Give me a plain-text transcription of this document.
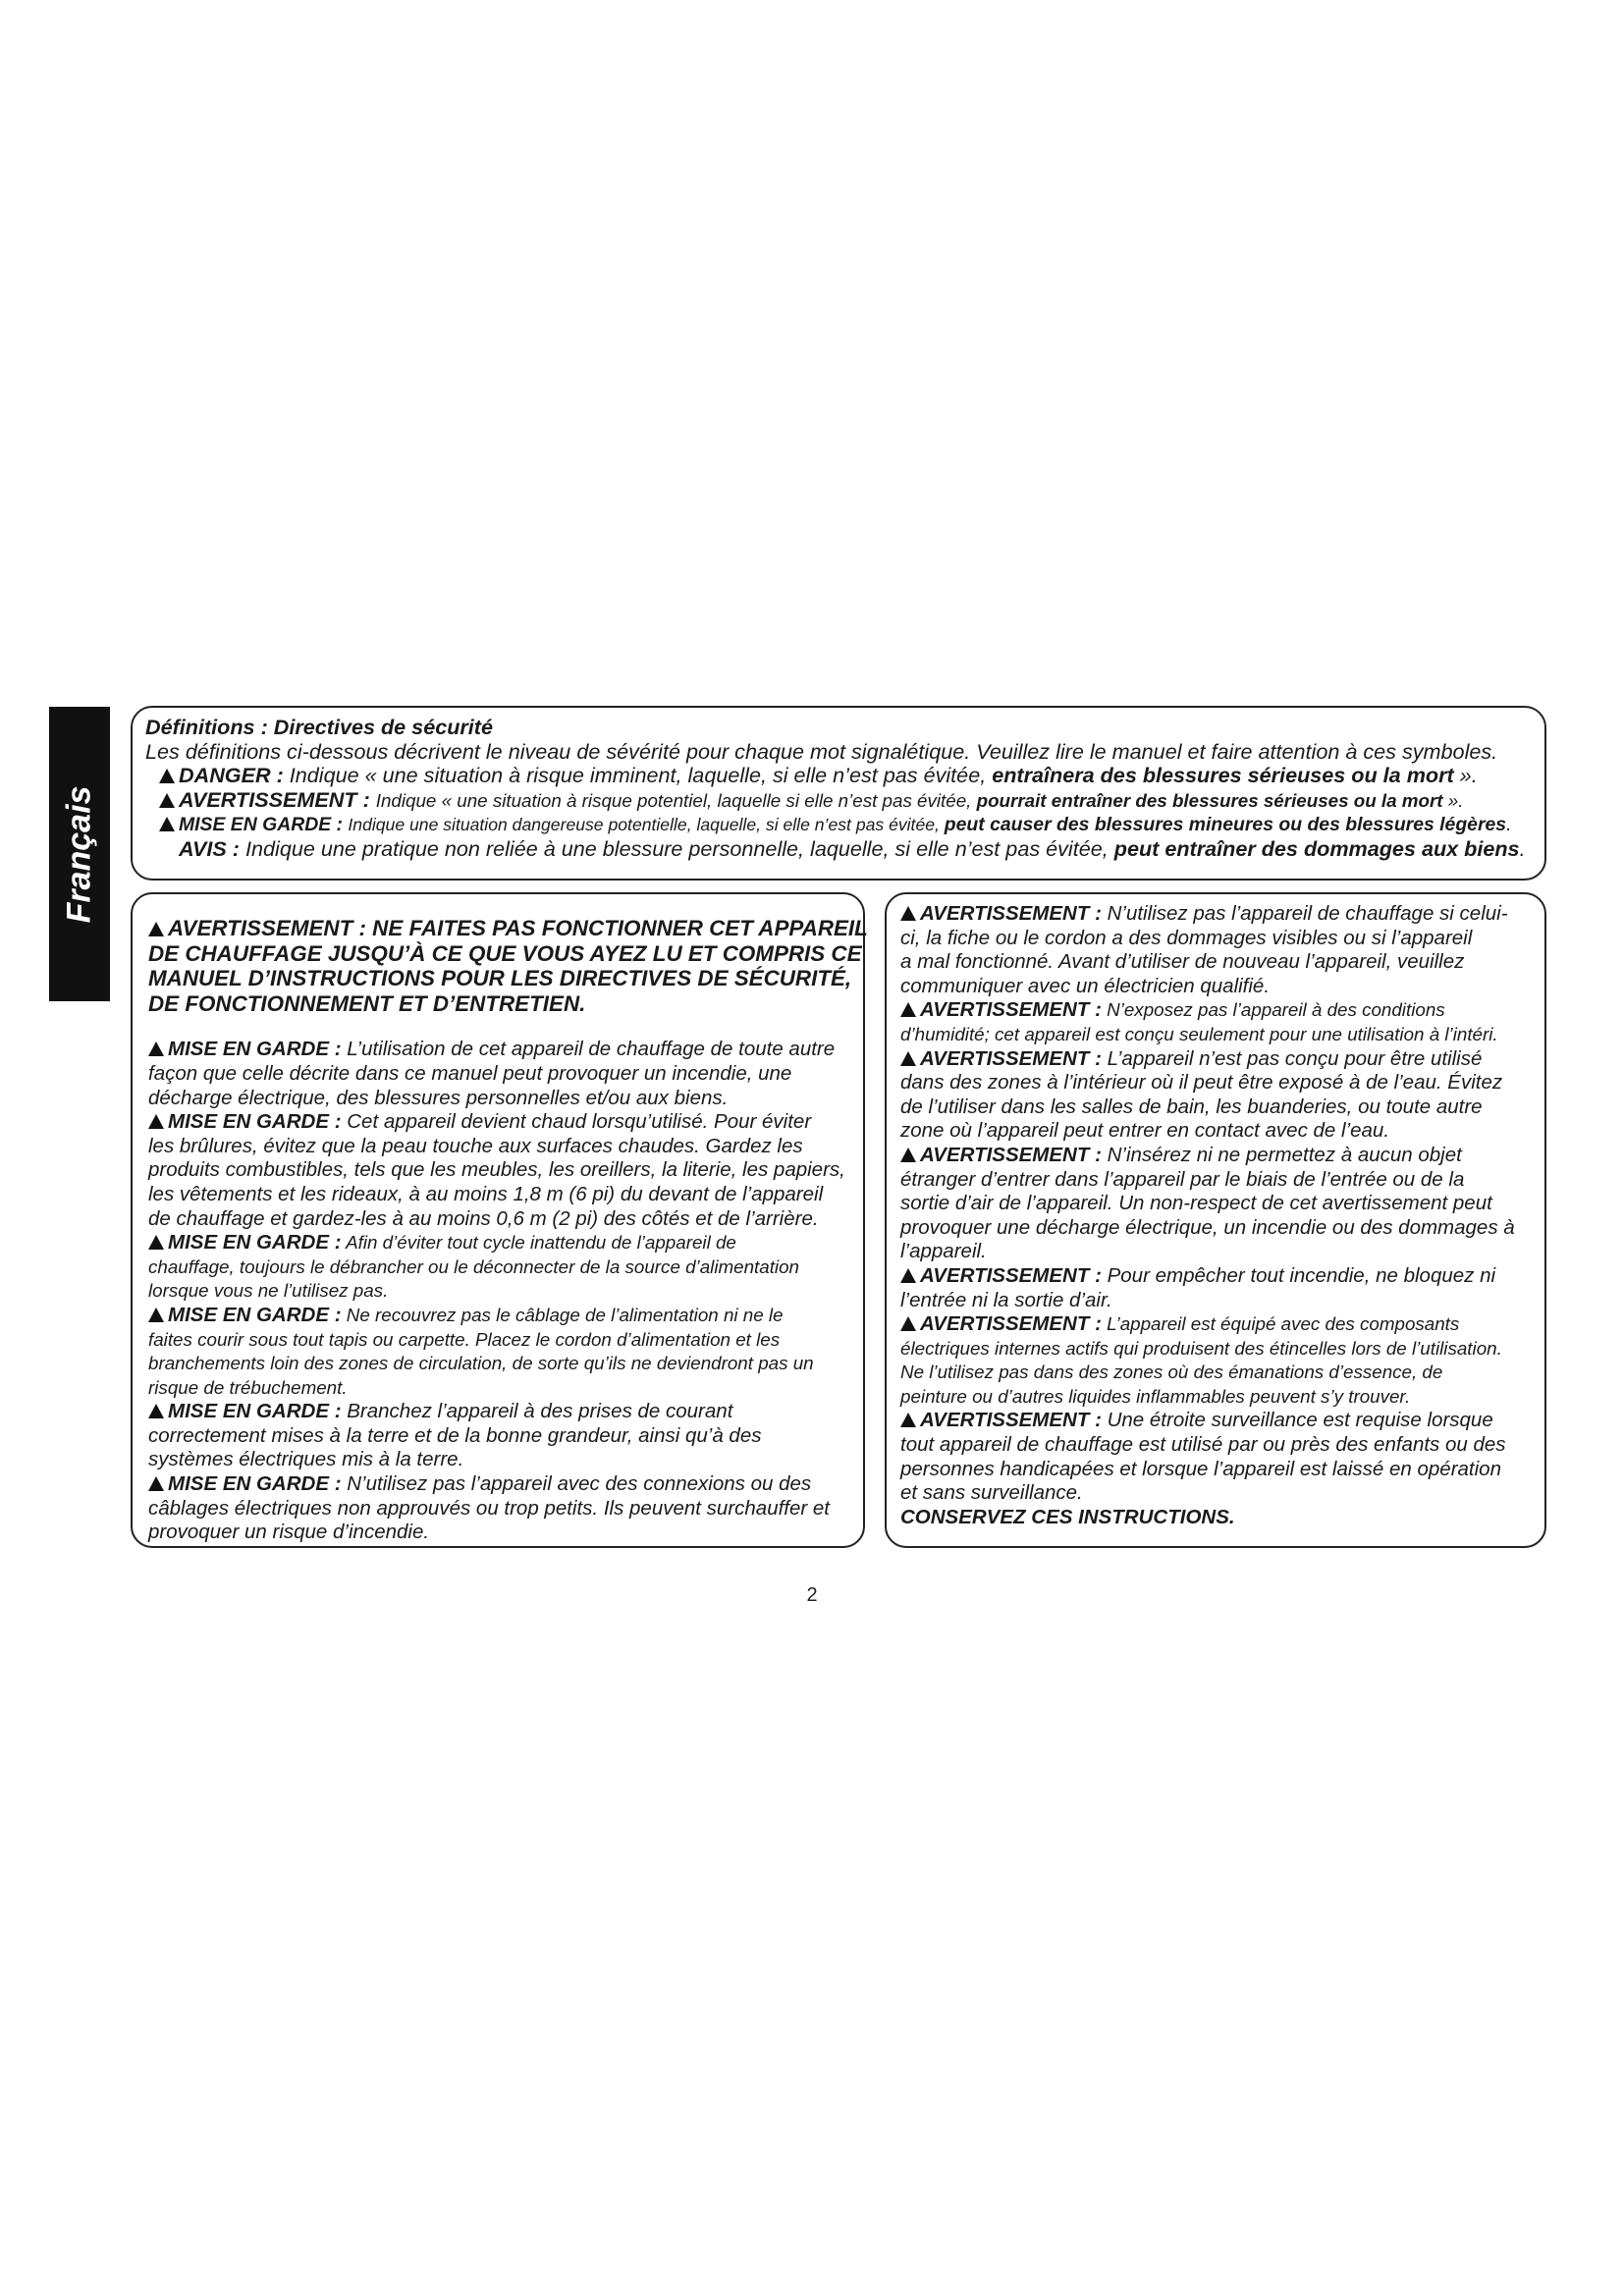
Français
Définitions : Directives de sécurité
Les définitions ci-dessous décrivent le niveau de sévérité pour chaque mot signalétique. Veuillez lire le manuel et faire attention à ces symboles.
DANGER : Indique « une situation à risque imminent, laquelle, si elle n’est pas évitée, entraînera des blessures sérieuses ou la mort ».
AVERTISSEMENT : Indique « une situation à risque potentiel, laquelle si elle n’est pas évitée, pourrait entraîner des blessures sérieuses ou la mort ».
MISE EN GARDE : Indique une situation dangereuse potentielle, laquelle, si elle n’est pas évitée, peut causer des blessures mineures ou des blessures légères.
AVIS : Indique une pratique non reliée à une blessure personnelle, laquelle, si elle n’est pas évitée, peut entraîner des dommages aux biens.
AVERTISSEMENT : NE FAITES PAS FONCTIONNER CET APPAREIL
DE CHAUFFAGE JUSQU’À CE QUE VOUS AYEZ LU ET COMPRIS CE
MANUEL D’INSTRUCTIONS POUR LES DIRECTIVES DE SÉCURITÉ,
DE FONCTIONNEMENT ET D’ENTRETIEN.
MISE EN GARDE : L’utilisation de cet appareil de chauffage de toute autre
façon que celle décrite dans ce manuel peut provoquer un incendie, une
décharge électrique, des blessures personnelles et/ou aux biens.
MISE EN GARDE : Cet appareil devient chaud lorsqu’utilisé. Pour éviter
les brûlures, évitez que la peau touche aux surfaces chaudes. Gardez les
produits combustibles, tels que les meubles, les oreillers, la literie, les papiers,
les vêtements et les rideaux, à au moins 1,8 m (6 pi) du devant de l’appareil
de chauffage et gardez-les à au moins 0,6 m (2 pi) des côtés et de l’arrière.
MISE EN GARDE : Afin d’éviter tout cycle inattendu de l’appareil de
chauffage, toujours le débrancher ou le déconnecter de la source d’alimentation
lorsque vous ne l’utilisez pas.
MISE EN GARDE : Ne recouvrez pas le câblage de l’alimentation ni ne le
faites courir sous tout tapis ou carpette. Placez le cordon d’alimentation et les
branchements loin des zones de circulation, de sorte qu’ils ne deviendront pas un
risque de trébuchement.
MISE EN GARDE : Branchez l’appareil à des prises de courant
correctement mises à la terre et de la bonne grandeur, ainsi qu’à des
systèmes électriques mis à la terre.
MISE EN GARDE : N’utilisez pas l’appareil avec des connexions ou des
câblages électriques non approuvés ou trop petits. Ils peuvent surchauffer et
provoquer un risque d’incendie.
AVERTISSEMENT : N’utilisez pas l’appareil de chauffage si celui-
ci, la fiche ou le cordon a des dommages visibles ou si l’appareil
a mal fonctionné. Avant d’utiliser de nouveau l’appareil, veuillez
communiquer avec un électricien qualifié.
AVERTISSEMENT : N’exposez pas l’appareil à des conditions
d’humidité; cet appareil est conçu seulement pour une utilisation à l’intéri.
AVERTISSEMENT : L’appareil n’est pas conçu pour être utilisé
dans des zones à l’intérieur où il peut être exposé à de l’eau. Évitez
de l’utiliser dans les salles de bain, les buanderies, ou toute autre
zone où l’appareil peut entrer en contact avec de l’eau.
AVERTISSEMENT : N’insérez ni ne permettez à aucun objet
étranger d’entrer dans l’appareil par le biais de l’entrée ou de la
sortie d’air de l’appareil. Un non-respect de cet avertissement peut
provoquer une décharge électrique, un incendie ou des dommages à
l’appareil.
AVERTISSEMENT : Pour empêcher tout incendie, ne bloquez ni
l’entrée ni la sortie d’air.
AVERTISSEMENT : L’appareil est équipé avec des composants
électriques internes actifs qui produisent des étincelles lors de l’utilisation.
Ne l’utilisez pas dans des zones où des émanations d’essence, de
peinture ou d’autres liquides inflammables peuvent s’y trouver.
AVERTISSEMENT : Une étroite surveillance est requise lorsque
tout appareil de chauffage est utilisé par ou près des enfants ou des
personnes handicapées et lorsque l’appareil est laissé en opération
et sans surveillance.
CONSERVEZ CES INSTRUCTIONS.
2
